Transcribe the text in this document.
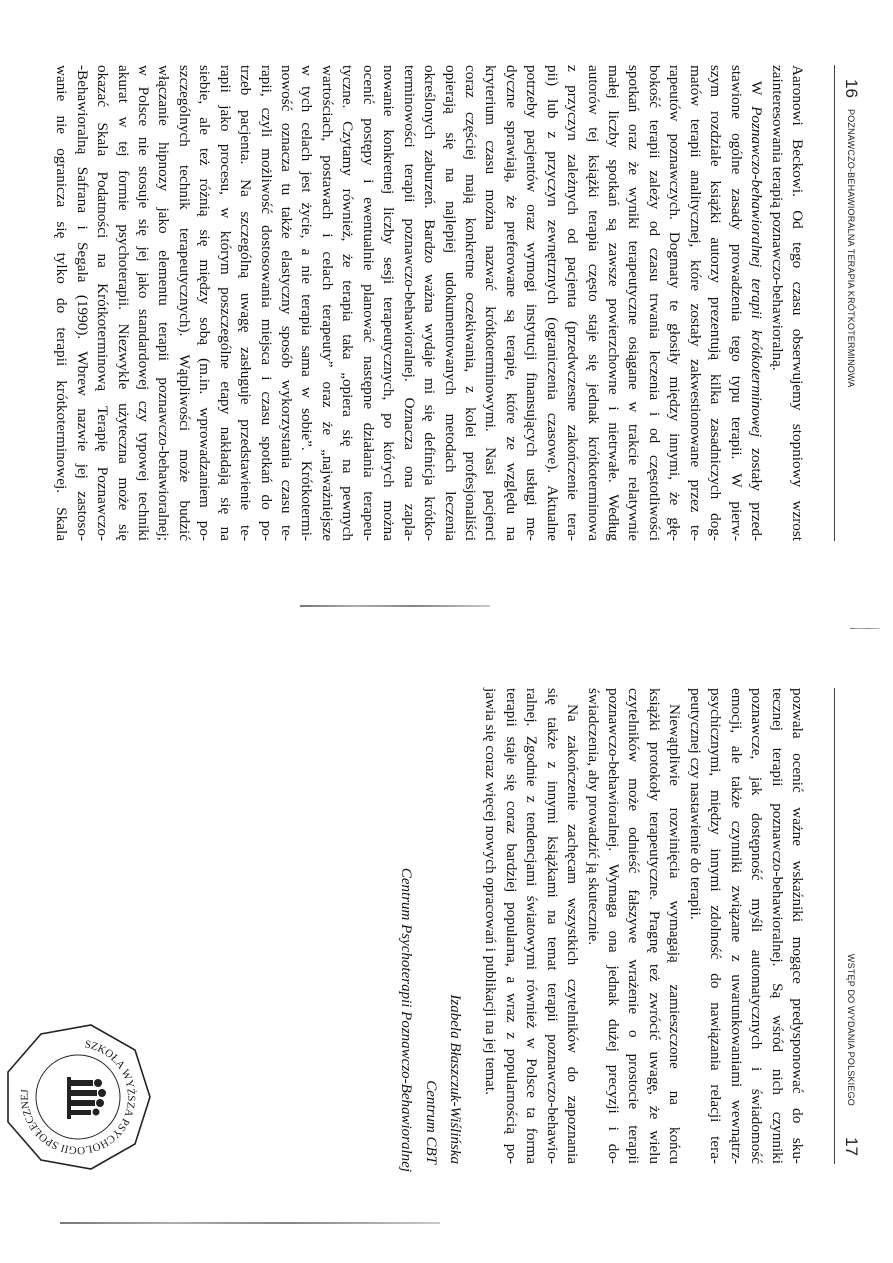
16
POZNAWCZO-BEHAWIORALNA TERAPIA KRÓTKOTERMINOWA
Aaronowi Beckowi. Od tego czasu obserwujemy stopniowy wzrost
zainteresowania terapią poznawczo-behawioralną.
W Poznawczo-behawioralnej terapii krótkoterminowej zostały przed-
stawione ogólne zasady prowadzenia tego typu terapii. W pierw-
szym rozdziale książki autorzy prezentują kilka zasadniczych dog-
matów terapii analitycznej, które zostały zakwestionowane przez te-
rapeutów poznawczych. Dogmaty te głosiły między innymi, że głę-
bokość terapii zależy od czasu trwania leczenia i od częstotliwości
spotkań oraz że wyniki terapeutyczne osiągane w trakcie relatywnie
małej liczby spotkań są zawsze powierzchowne i nietrwałe. Według
autorów tej książki terapia często staje się jednak krótkoterminowa
z przyczyn zależnych od pacjenta (przedwczesne zakończenie tera-
pii) lub z przyczyn zewnętrznych (ograniczenia czasowe). Aktualne
potrzeby pacjentów oraz wymogi instytucji finansujących usługi me-
dyczne sprawiają, że preferowane są terapie, które ze względu na
kryterium czasu można nazwać krótkoterminowymi. Nasi pacjenci
coraz częściej mają konkretne oczekiwania, z kolei profesjonaliści
opierają się na najlepiej udokumentowanych metodach leczenia
określonych zaburzeń. Bardzo ważna wydaje mi się definicja krótko-
terminowości terapii poznawczo-behawioralnej. Oznacza ona zapla-
nowanie konkretnej liczby sesji terapeutycznych, po których można
ocenić postępy i ewentualnie planować następne działania terapeu-
tyczne. Czytamy również, że terapia taka „opiera się na pewnych
wartościach, postawach i celach terapeuty” oraz że „najważniejsze
w tych celach jest życie, a nie terapia sama w sobie”. Krótkotermi-
nowość oznacza tu także elastyczny sposób wykorzystania czasu te-
rapii, czyli możliwość dostosowania miejsca i czasu spotkań do po-
trzeb pacjenta. Na szczególną uwagę zasługuje przedstawienie te-
rapii jako procesu, w którym poszczególne etapy nakładają się na
siebie, ale też różnią się między sobą (m.in. wprowadzaniem po-
szczególnych technik terapeutycznych). Wątpliwości może budzić
włączanie hipnozy jako elementu terapii poznawczo-behawioralnej;
w Polsce nie stosuje się jej jako standardowej czy typowej techniki
akurat w tej formie psychoterapii. Niezwykle użyteczna może się
okazać Skala Podatności na Krótkoterminową Terapię Poznawczo-
-Behawioralną Safrana i Segala (1990). Wbrew nazwie jej zastoso-
wanie nie ogranicza się tylko do terapii krótkoterminowej. Skala
WSTĘP DO WYDANIA POLSKIEGO
17
pozwala ocenić ważne wskaźniki mogące predysponować do sku-
tecznej terapii poznawczo-behawioralnej. Są wśród nich czynniki
poznawcze, jak dostępność myśli automatycznych i świadomość
emocji, ale także czynniki związane z uwarunkowaniami wewnątrz-
psychicznymi, między innymi zdolność do nawiązania relacji tera-
peutycznej czy nastawienie do terapii.
Niewątpliwie rozwinięcia wymagają zamieszczone na końcu
książki protokoły terapeutyczne. Pragnę też zwrócić uwagę, że wielu
czytelników może odnieść fałszywe wrażenie o prostocie terapii
poznawczo-behawioralnej. Wymaga ona jednak dużej precyzji i do-
świadczenia, aby prowadzić ją skutecznie.
Na zakończenie zachęcam wszystkich czytelników do zapoznania
się także z innymi książkami na temat terapii poznawczo-behawio-
ralnej. Zgodnie z tendencjami światowymi również w Polsce ta forma
terapii staje się coraz bardziej popularna, a wraz z popularnością po-
jawia się coraz więcej nowych opracowań i publikacji na jej temat.
Izabela Błaszczuk-Wiślińska
Centrum CBT
Centrum Psychoterapii Poznawczo-Behawioralnej
SZKOŁA WYŻSZA PSYCHOLOGII SPOŁECZNEJ
